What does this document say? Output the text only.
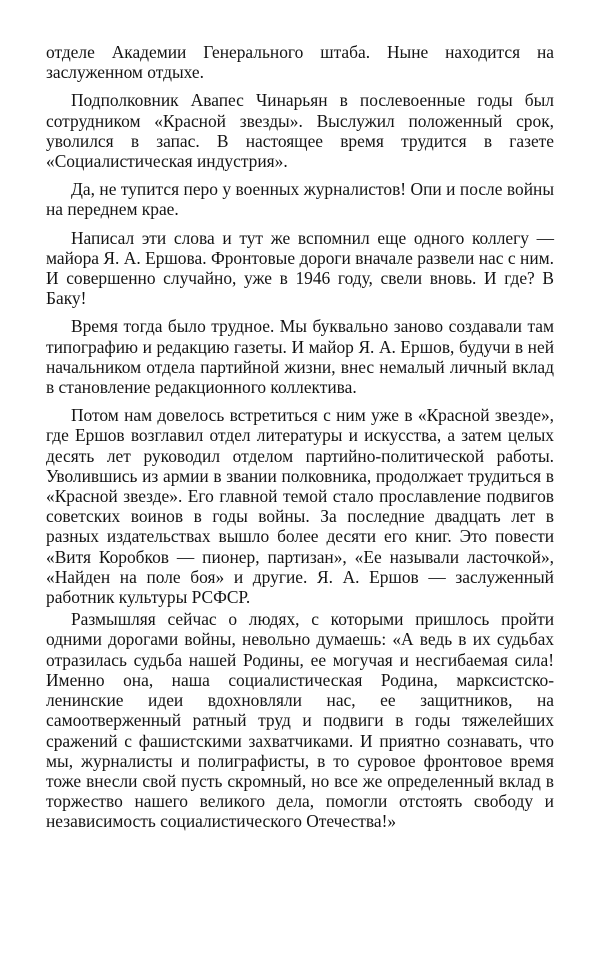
отделе Академии Генерального штаба. Ныне находится на заслуженном отдыхе.

Подполковник Авапес Чинарьян в послевоенные годы был сотрудником «Красной звезды». Выслужил положенный срок, уволился в запас. В настоящее время трудится в газете «Социалистическая индустрия».

Да, не тупится перо у военных журналистов! Опи и после войны на переднем крае.

Написал эти слова и тут же вспомнил еще одного коллегу — майора Я. А. Ершова. Фронтовые дороги вначале развели нас с ним. И совершенно случайно, уже в 1946 году, свели вновь. И где? В Баку!

Время тогда было трудное. Мы буквально заново создавали там типографию и редакцию газеты. И майор Я. А. Ершов, будучи в ней начальником отдела партийной жизни, внес немалый личный вклад в становление редакционного коллектива.

Потом нам довелось встретиться с ним уже в «Красной звезде», где Ершов возглавил отдел литературы и искусства, а затем целых десять лет руководил отделом партийно-политической работы. Уволившись из армии в звании полковника, продолжает трудиться в «Красной звезде». Его главной темой стало прославление подвигов советских воинов в годы войны. За последние двадцать лет в разных издательствах вышло более десяти его книг. Это повести «Витя Коробков — пионер, партизан», «Ее называли ласточкой», «Найден на поле боя» и другие. Я. А. Ершов — заслуженный работник культуры РСФСР.

Размышляя сейчас о людях, с которыми пришлось пройти одними дорогами войны, невольно думаешь: «А ведь в их судьбах отразилась судьба нашей Родины, ее могучая и несгибаемая сила! Именно она, наша социалистическая Родина, марксистско-ленинские идеи вдохновляли нас, ее защитников, на самоотверженный ратный труд и подвиги в годы тяжелейших сражений с фашистскими захватчиками. И приятно сознавать, что мы, журналисты и полиграфисты, в то суровое фронтовое время тоже внесли свой пусть скромный, но все же определенный вклад в торжество нашего великого дела, помогли отстоять свободу и независимость социалистического Отечества!»
